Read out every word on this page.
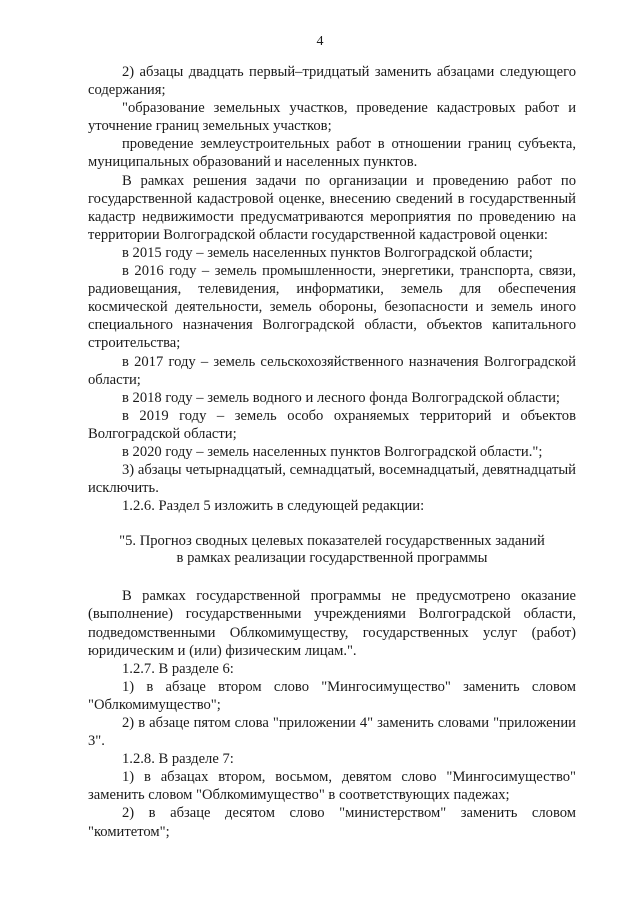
4

2) абзацы двадцать первый–тридцатый заменить абзацами следующего содержания;

"образование земельных участков, проведение кадастровых работ и уточнение границ земельных участков;

проведение землеустроительных работ в отношении границ субъекта, муниципальных образований и населенных пунктов.

В рамках решения задачи по организации и проведению работ по государственной кадастровой оценке, внесению сведений в государственный кадастр недвижимости предусматриваются мероприятия по проведению на территории Волгоградской области государственной кадастровой оценки:

в 2015 году – земель населенных пунктов Волгоградской области;

в 2016 году – земель промышленности, энергетики, транспорта, связи, радиовещания, телевидения, информатики, земель для обеспечения космической деятельности, земель обороны, безопасности и земель иного специального назначения Волгоградской области, объектов капитального строительства;

в 2017 году – земель сельскохозяйственного назначения Волгоградской области;

в 2018 году – земель водного и лесного фонда Волгоградской области;

в 2019 году – земель особо охраняемых территорий и объектов Волгоградской области;

в 2020 году – земель населенных пунктов Волгоградской области.";

3) абзацы четырнадцатый, семнадцатый, восемнадцатый, девятнадцатый исключить.

1.2.6. Раздел 5 изложить в следующей редакции:

"5. Прогноз сводных целевых показателей государственных заданий
в рамках реализации государственной программы

В рамках государственной программы не предусмотрено оказание (выполнение) государственными учреждениями Волгоградской области, подведомственными Облкомимуществу, государственных услуг (работ) юридическим и (или) физическим лицам.".

1.2.7. В разделе 6:

1) в абзаце втором слово "Мингосимущество" заменить словом "Облкомимущество";

2) в абзаце пятом слова "приложении 4" заменить словами "приложении 3".

1.2.8. В разделе 7:

1) в абзацах втором, восьмом, девятом слово "Мингосимущество" заменить словом "Облкомимущество" в соответствующих падежах;

2) в абзаце десятом слово "министерством" заменить словом "комитетом";
